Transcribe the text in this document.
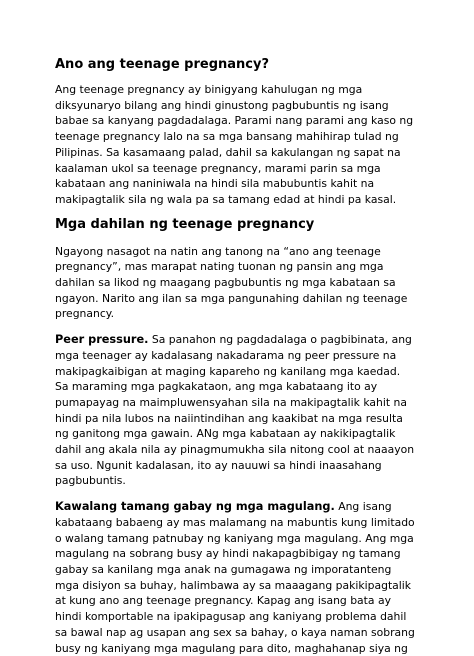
Ano ang teenage pregnancy?

Ang teenage pregnancy ay binigyang kahulugan ng mga
diksyunaryo bilang ang hindi ginustong pagbubuntis ng isang
babae sa kanyang pagdadalaga. Parami nang parami ang kaso ng
teenage pregnancy lalo na sa mga bansang mahihirap tulad ng
Pilipinas. Sa kasamaang palad, dahil sa kakulangan ng sapat na
kaalaman ukol sa teenage pregnancy, marami parin sa mga
kabataan ang naniniwala na hindi sila mabubuntis kahit na
makipagtalik sila ng wala pa sa tamang edad at hindi pa kasal.

Mga dahilan ng teenage pregnancy

Ngayong nasagot na natin ang tanong na “ano ang teenage
pregnancy”, mas marapat nating tuonan ng pansin ang mga
dahilan sa likod ng maagang pagbubuntis ng mga kabataan sa
ngayon. Narito ang ilan sa mga pangunahing dahilan ng teenage
pregnancy.

Peer pressure. Sa panahon ng pagdadalaga o pagbibinata, ang
mga teenager ay kadalasang nakadarama ng peer pressure na
makipagkaibigan at maging kapareho ng kanilang mga kaedad.
Sa maraming mga pagkakataon, ang mga kabataang ito ay
pumapayag na maimpluwensyahan sila na makipagtalik kahit na
hindi pa nila lubos na naiintindihan ang kaakibat na mga resulta
ng ganitong mga gawain. ANg mga kabataan ay nakikipagtalik
dahil ang akala nila ay pinagmumukha sila nitong cool at naaayon
sa uso. Ngunit kadalasan, ito ay nauuwi sa hindi inaasahang
pagbubuntis.

Kawalang tamang gabay ng mga magulang. Ang isang
kabataang babaeng ay mas malamang na mabuntis kung limitado
o walang tamang patnubay ng kaniyang mga magulang. Ang mga
magulang na sobrang busy ay hindi nakapagbibigay ng tamang
gabay sa kanilang mga anak na gumagawa ng imporatanteng
mga disiyon sa buhay, halimbawa ay sa maaagang pakikipagtalik
at kung ano ang teenage pregnancy. Kapag ang isang bata ay
hindi komportable na ipakipagusap ang kaniyang problema dahil
sa bawal nap ag usapan ang sex sa bahay, o kaya naman sobrang
busy ng kaniyang mga magulang para dito, maghahanap siya ng
